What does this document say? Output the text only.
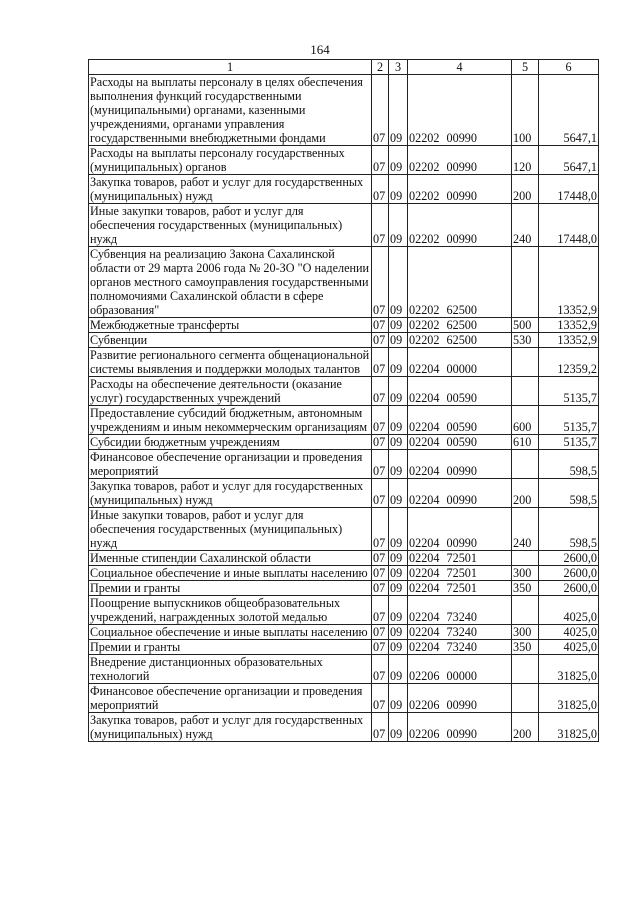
164
1	2	3	4	5	6
Расходы на выплаты персоналу в целях обеспечения выполнения функций государственными (муниципальными) органами, казенными учреждениями, органами управления государственными внебюджетными фондами	07	09	02202 00990	100	5647,1
Расходы на выплаты персоналу государственных (муниципальных) органов	07	09	02202 00990	120	5647,1
Закупка товаров, работ и услуг для государственных (муниципальных) нужд	07	09	02202 00990	200	17448,0
Иные закупки товаров, работ и услуг для обеспечения государственных (муниципальных) нужд	07	09	02202 00990	240	17448,0
Субвенция на реализацию Закона Сахалинской области от 29 марта 2006 года № 20-ЗО "О наделении органов местного самоуправления государственными полномочиями Сахалинской области в сфере образования"	07	09	02202 62500		13352,9
Межбюджетные трансферты	07	09	02202 62500	500	13352,9
Субвенции	07	09	02202 62500	530	13352,9
Развитие регионального сегмента общенациональной системы выявления и поддержки молодых талантов	07	09	02204 00000		12359,2
Расходы на обеспечение деятельности (оказание услуг) государственных учреждений	07	09	02204 00590		5135,7
Предоставление субсидий бюджетным, автономным учреждениям и иным некоммерческим организациям	07	09	02204 00590	600	5135,7
Субсидии бюджетным учреждениям	07	09	02204 00590	610	5135,7
Финансовое обеспечение организации и проведения мероприятий	07	09	02204 00990		598,5
Закупка товаров, работ и услуг для государственных (муниципальных) нужд	07	09	02204 00990	200	598,5
Иные закупки товаров, работ и услуг для обеспечения государственных (муниципальных) нужд	07	09	02204 00990	240	598,5
Именные стипендии Сахалинской области	07	09	02204 72501		2600,0
Социальное обеспечение и иные выплаты населению	07	09	02204 72501	300	2600,0
Премии и гранты	07	09	02204 72501	350	2600,0
Поощрение выпускников общеобразовательных учреждений, награжденных золотой медалью	07	09	02204 73240		4025,0
Социальное обеспечение и иные выплаты населению	07	09	02204 73240	300	4025,0
Премии и гранты	07	09	02204 73240	350	4025,0
Внедрение дистанционных образовательных технологий	07	09	02206 00000		31825,0
Финансовое обеспечение организации и проведения мероприятий	07	09	02206 00990		31825,0
Закупка товаров, работ и услуг для государственных (муниципальных) нужд	07	09	02206 00990	200	31825,0
